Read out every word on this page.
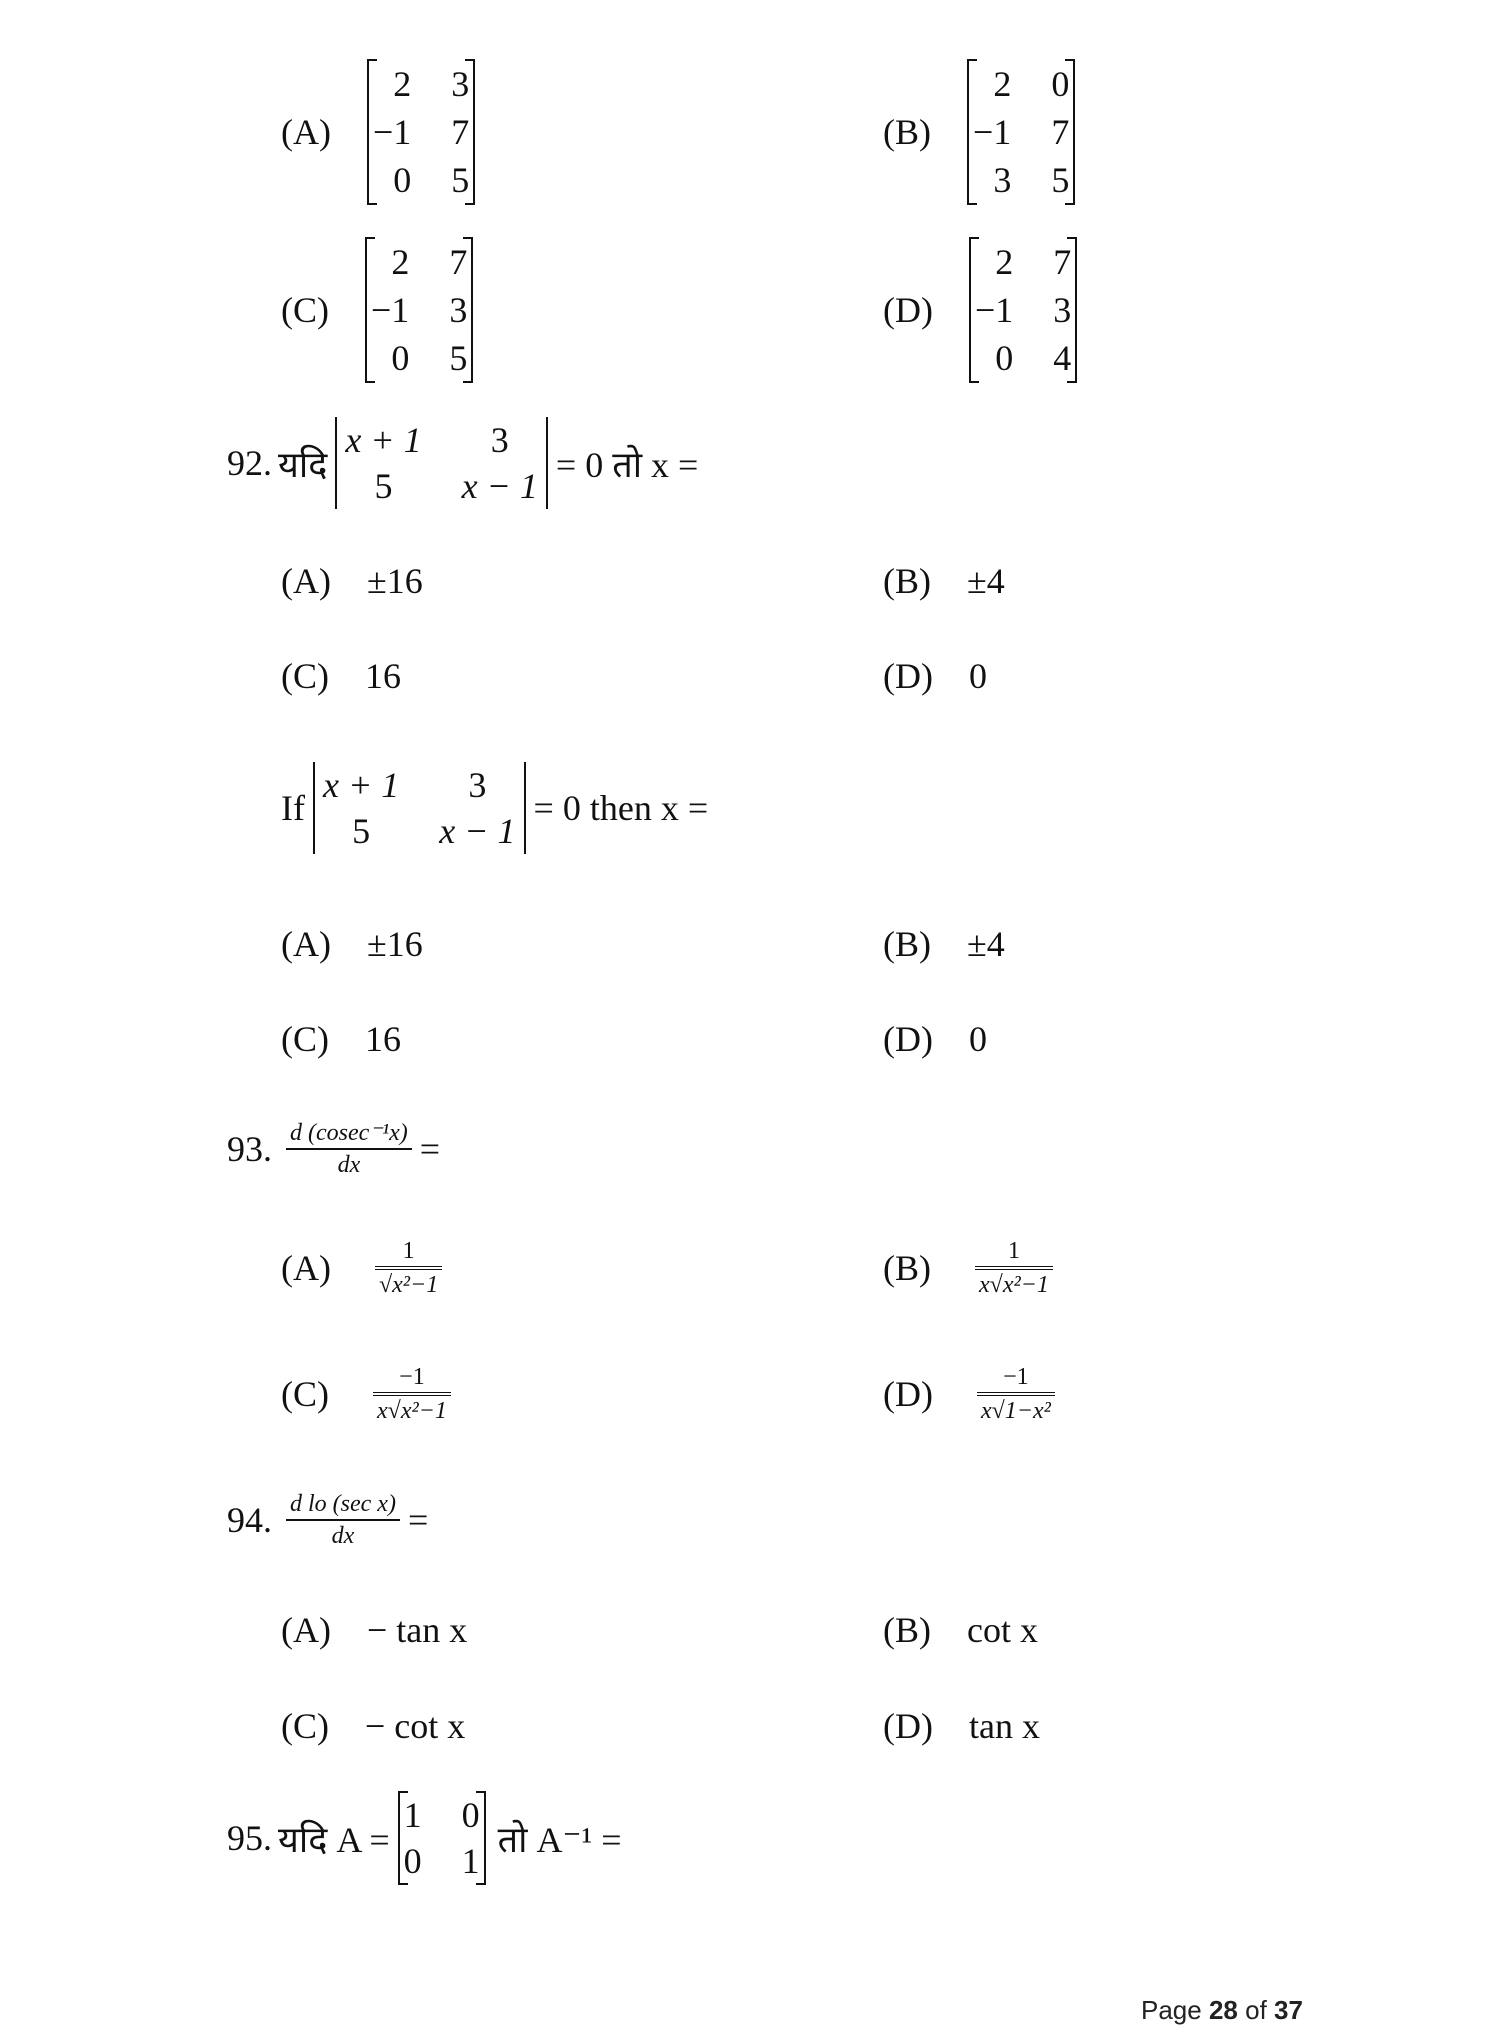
(A)
2 3
−1 7
0 5
(B)
2 0
−1 7
3 5
(C)
2 7
−1 3
0 5
(D)
2 7
−1 3
0 4
92. यदि
x + 1	3
5	x − 1
= 0 तो x =
(A) ±16	(B) ±4
(C) 16	(D) 0
If
x + 1	3
5	x − 1
= 0 then x =
(A) ±16	(B) ±4
(C) 16	(D) 0
93. $\frac{\text{d (cosec⁻¹x)}}{dx}$ =
$(A) \frac{1}{\text{√x²−1}}$	$(B) \frac{1}{\text{x√x²−1}}$
$(C) \frac{-1}{\text{x√x²−1}}$	$(D) \frac{-1}{\text{x√1−x²}}$
94. $\frac{\text{d lo (sec x)}}{dx}$ =
(A) − tan x	(B) cot x
(C) − cot x	(D) tan x
95. यदि A =
1 0
0 1
तो A⁻¹ =
Page 28 of 37
